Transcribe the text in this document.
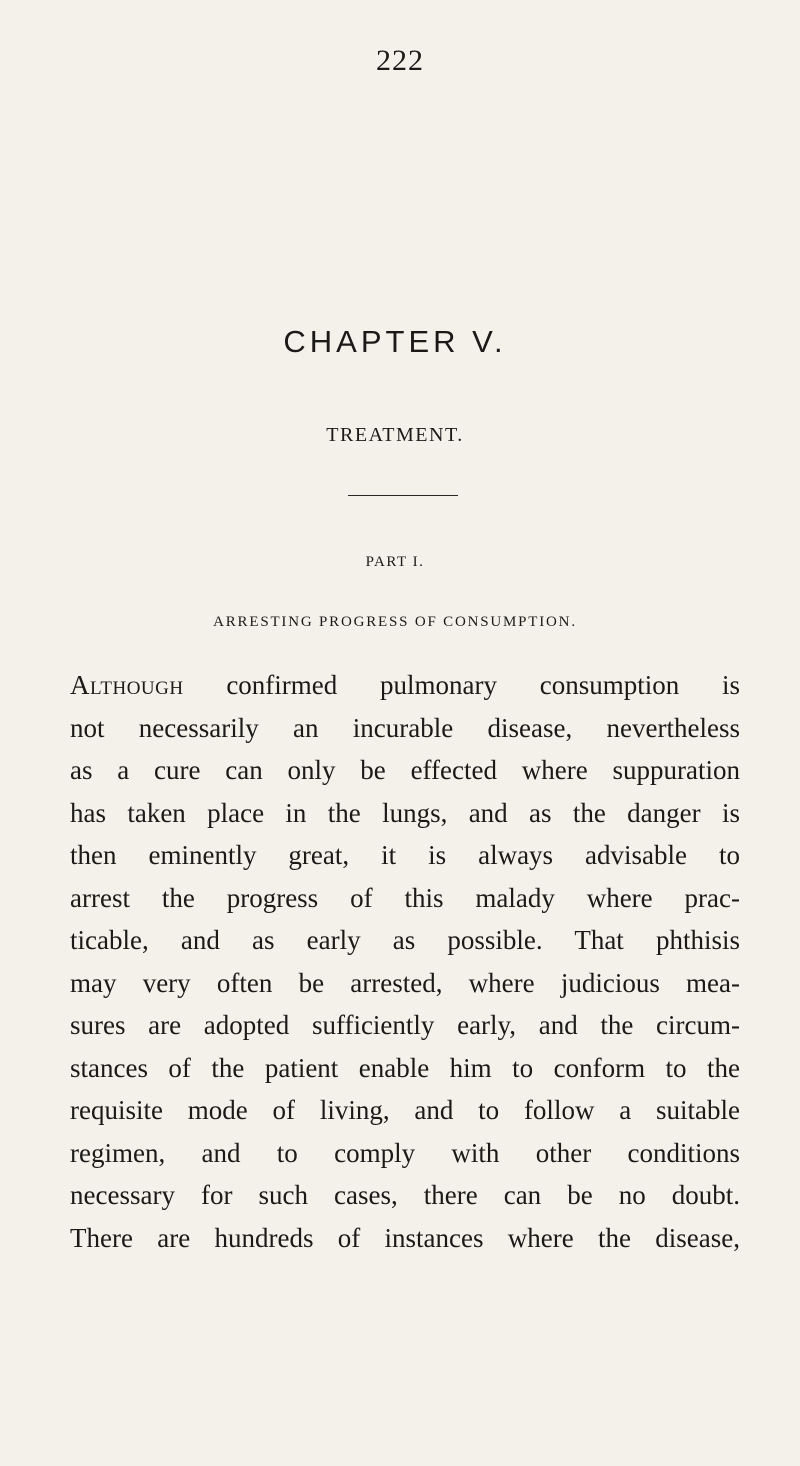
222
CHAPTER V.
TREATMENT.
PART I.
ARRESTING PROGRESS OF CONSUMPTION.
Although confirmed pulmonary consumption is
not necessarily an incurable disease, nevertheless
as a cure can only be effected where suppuration
has taken place in the lungs, and as the danger is
then eminently great, it is always advisable to
arrest the progress of this malady where prac-
ticable, and as early as possible. That phthisis
may very often be arrested, where judicious mea-
sures are adopted sufficiently early, and the circum-
stances of the patient enable him to conform to the
requisite mode of living, and to follow a suitable
regimen, and to comply with other conditions
necessary for such cases, there can be no doubt.
There are hundreds of instances where the disease,
